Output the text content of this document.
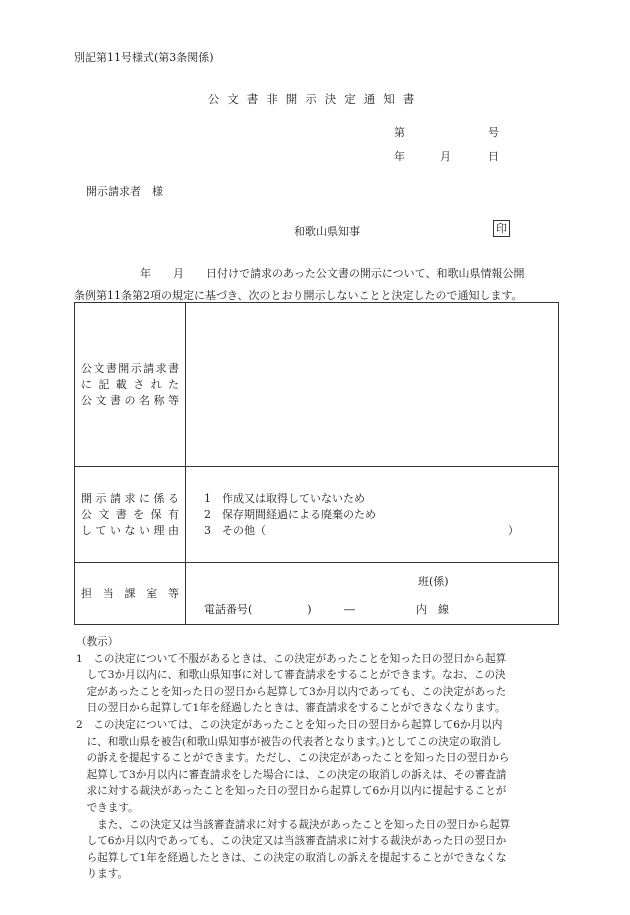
別記第11号様式(第3条関係)
公文書非開示決定通知書
第	号
年	月	日
開示請求者　様
和歌山県知事	印
　　　　　　年　　月　　日付けで請求のあった公文書の開示について、和歌山県情報公開
条例第11条第2項の規定に基づき、次のとおり開示しないことと決定したので通知します。
公文書開示請求書
に記載された
公文書の名称等	

開示請求に係る
公文書を保有
していない理由	1 作成又は取得していないため
2 保存期間経過による廃棄のため
3 その他（　　　　　　　　　　　　　　　　　　　　　　）

担当課室等	班(係)
電話番号(　　　　　) ― 内　線
（教示）
1　この決定について不服があるときは、この決定があったことを知った日の翌日から起算
　して3か月以内に、和歌山県知事に対して審査請求をすることができます。なお、この決
　定があったことを知った日の翌日から起算して3か月以内であっても、この決定があった
　日の翌日から起算して1年を経過したときは、審査請求をすることができなくなります。
2　この決定については、この決定があったことを知った日の翌日から起算して6か月以内
　に、和歌山県を被告(和歌山県知事が被告の代表者となります。)としてこの決定の取消し
　の訴えを提起することができます。ただし、この決定があったことを知った日の翌日から
　起算して3か月以内に審査請求をした場合には、この決定の取消しの訴えは、その審査請
　求に対する裁決があったことを知った日の翌日から起算して6か月以内に提起することが
　できます。
　　また、この決定又は当該審査請求に対する裁決があったことを知った日の翌日から起算
　して6か月以内であっても、この決定又は当該審査請求に対する裁決があった日の翌日か
　ら起算して1年を経過したときは、この決定の取消しの訴えを提起することができなくな
　ります。
